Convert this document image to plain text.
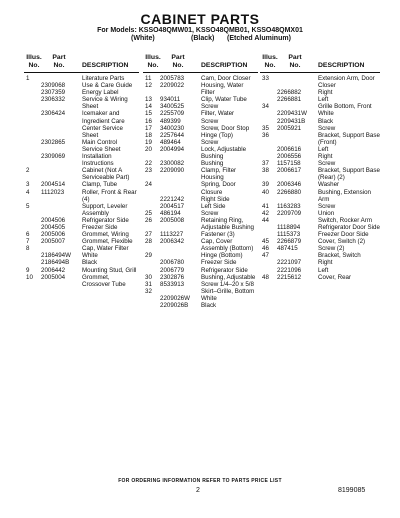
CABINET PARTS
For Models: KSSO48QMW01, KSSO48QMB01, KSSO48QMX01
(White)	(Black) (Etched Aluminum)
Illus. No.
Part No.	DESCRIPTION
1	Literature Parts
2309068	Use & Care Guide
2307359	Energy Label
2306332	Service & Wiring Sheet
2306424	Icemaker and Ingredient Care Center Service Sheet
2302865	Main Control Service Sheet
2309069	Installation Instructions
2	Cabinet (Not A Serviceable Part)
3	2004514	Clamp, Tube
4	1112023	Roller, Front & Rear (4)
5	Support, Leveler Assembly
2004506	Refrigerator Side
2004505	Freezer Side
6	2005006	Grommet, Wiring
7	2005007	Grommet, Flexible
8	Cap, Water Filter
2186494W	White
2186494B	Black
9	2006442	Mounting Stud, Grill
10	2005004	Grommet, Crossover Tube
Illus. No.
Part No.	DESCRIPTION
11	2005783	Cam, Door Closer
12	2209022	Housing, Water Filter
13	934011	Clip, Water Tube
14	3400525	Screw
15	2255709	Filter, Water
16	489399	Screw
17	3400230	Screw, Door Stop
18	2257644	Hinge (Top)
19	489464	Screw
20	2004994	Lock, Adjustable Bushing
22	2300082	Bushing
23	2209090	Clamp, Filter Housing
24	Spring, Door Closure
2221242	Right Side
2004517	Left Side
25	486194	Screw
26	2005008	Retaining Ring, Adjustable Bushing
27	1113227	Fastener (3)
28	2006342	Cap, Cover Assembly (Bottom)
29	Hinge (Bottom)
2006780	Freezer Side
2006779	Refrigerator Side
30	2302876	Bushing, Adjustable
31	8533913	Screw 1/4–20 x 5/8
32	Skirt–Grille, Bottom
2209026W	White
2209026B	Black
Illus. No.
Part No.	DESCRIPTION
33	Extension Arm, Door Closer
2266882	Right
2266881	Left
34	Grille Bottom, Front
2209431W	White
2209431B	Black
35	2005921	Screw
36	Bracket, Support Base (Front)
2006616	Left
2006556	Right
37	1157158	Screw
38	2006617	Bracket, Support Base (Rear) (2)
39	2006346	Washer
40	2266880	Bushing, Extension Arm
41	1163283	Screw
42	2209709	Union
44	Switch, Rocker Arm
1118894	Refrigerator Door Side
1115373	Freezer Door Side
45	2266879	Cover, Switch (2)
46	487415	Screw (2)
47	Bracket, Switch
2221097	Right
2221096	Left
48	2215612	Cover, Rear
FOR ORDERING INFORMATION REFER TO PARTS PRICE LIST
2	8199085
